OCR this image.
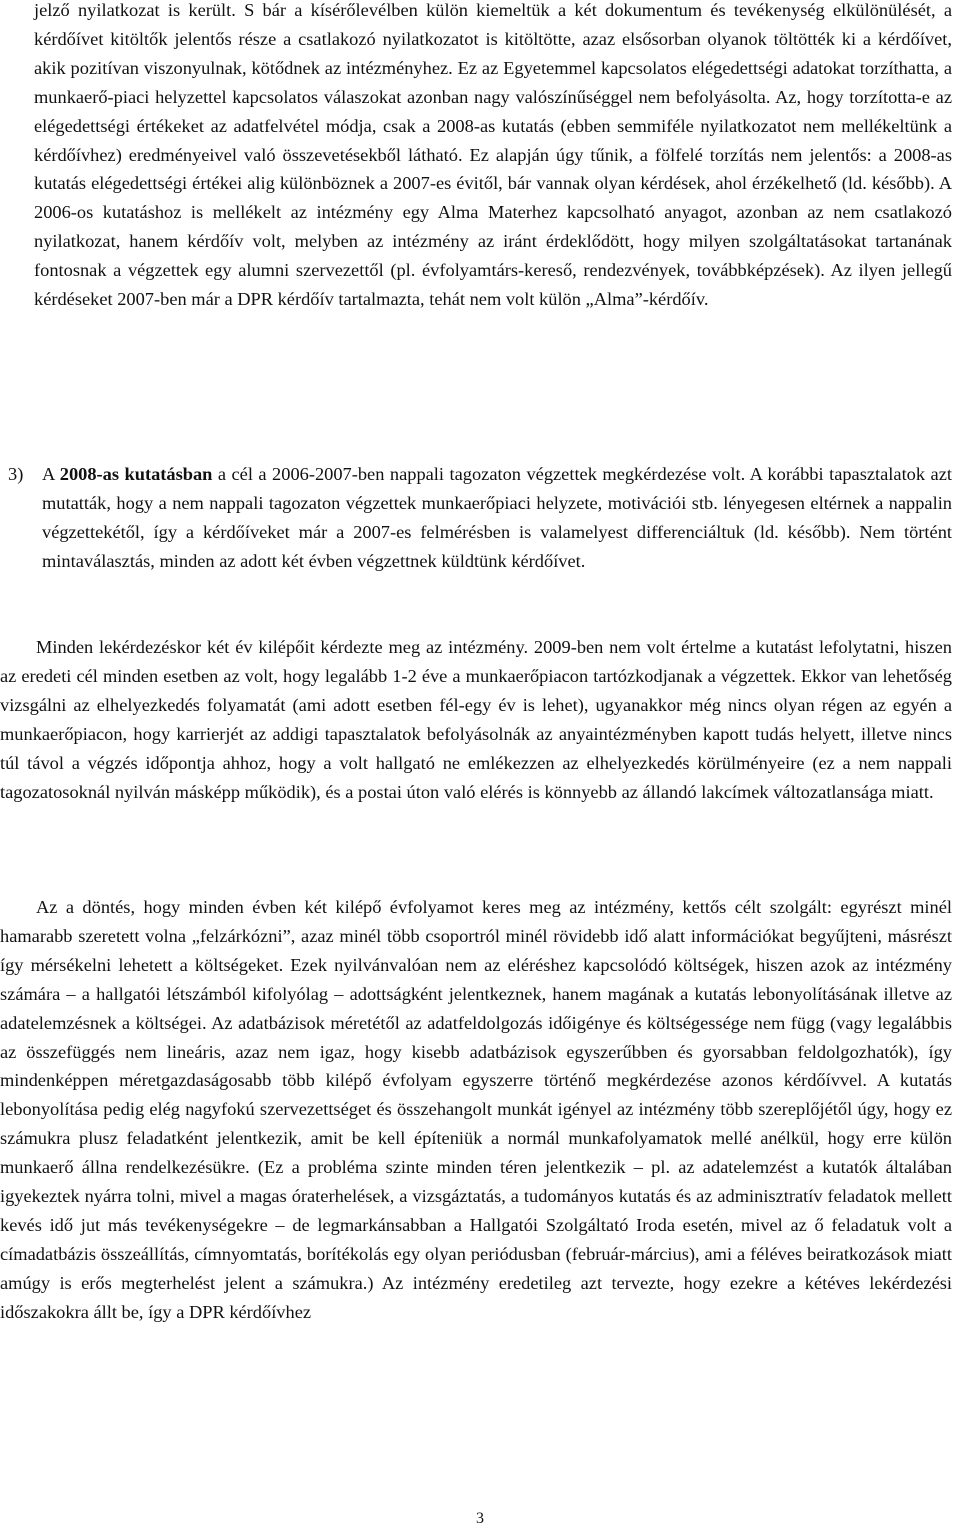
jelző nyilatkozat is került. S bár a kísérőlevélben külön kiemeltük a két dokumentum és tevékenység elkülönülését, a kérdőívet kitöltők jelentős része a csatlakozó nyilatkozatot is kitöltötte, azaz elsősorban olyanok töltötték ki a kérdőívet, akik pozitívan viszonyulnak, kötődnek az intézményhez. Ez az Egyetemmel kapcsolatos elégedettségi adatokat torzíthatta, a munkaerő-piaci helyzettel kapcsolatos válaszokat azonban nagy valószínűséggel nem befolyásolta. Az, hogy torzította-e az elégedettségi értékeket az adatfelvétel módja, csak a 2008-as kutatás (ebben semmiféle nyilatkozatot nem mellékeltünk a kérdőívhez) eredményeivel való összevetésekből látható. Ez alapján úgy tűnik, a fölfelé torzítás nem jelentős: a 2008-as kutatás elégedettségi értékei alig különböznek a 2007-es évitől, bár vannak olyan kérdések, ahol érzékelhető (ld. később). A 2006-os kutatáshoz is mellékelt az intézmény egy Alma Materhez kapcsolható anyagot, azonban az nem csatlakozó nyilatkozat, hanem kérdőív volt, melyben az intézmény az iránt érdeklődött, hogy milyen szolgáltatásokat tartanának fontosnak a végzettek egy alumni szervezettől (pl. évfolyamtárs-kereső, rendezvények, továbbképzések). Az ilyen jellegű kérdéseket 2007-ben már a DPR kérdőív tartalmazta, tehát nem volt külön „Alma”-kérdőív.

3) A 2008-as kutatásban a cél a 2006-2007-ben nappali tagozaton végzettek megkérdezése volt. A korábbi tapasztalatok azt mutatták, hogy a nem nappali tagozaton végzettek munkaerőpiaci helyzete, motivációi stb. lényegesen eltérnek a nappalin végzettekétől, így a kérdőíveket már a 2007-es felmérésben is valamelyest differenciáltuk (ld. később). Nem történt mintaválasztás, minden az adott két évben végzettnek küldtünk kérdőívet.

Minden lekérdezéskor két év kilépőit kérdezte meg az intézmény. 2009-ben nem volt értelme a kutatást lefolytatni, hiszen az eredeti cél minden esetben az volt, hogy legalább 1-2 éve a munkaerőpiacon tartózkodjanak a végzettek. Ekkor van lehetőség vizsgálni az elhelyezkedés folyamatát (ami adott esetben fél-egy év is lehet), ugyanakkor még nincs olyan régen az egyén a munkaerőpiacon, hogy karrierjét az addigi tapasztalatok befolyásolnák az anyaintézményben kapott tudás helyett, illetve nincs túl távol a végzés időpontja ahhoz, hogy a volt hallgató ne emlékezzen az elhelyezkedés körülményeire (ez a nem nappali tagozatosoknál nyilván másképp működik), és a postai úton való elérés is könnyebb az állandó lakcímek változatlansága miatt.

Az a döntés, hogy minden évben két kilépő évfolyamot keres meg az intézmény, kettős célt szolgált: egyrészt minél hamarabb szeretett volna „felzárkózni”, azaz minél több csoportról minél rövidebb idő alatt információkat begyűjteni, másrészt így mérsékelni lehetett a költségeket. Ezek nyilvánvalóan nem az eléréshez kapcsolódó költségek, hiszen azok az intézmény számára – a hallgatói létszámból kifolyólag – adottságként jelentkeznek, hanem magának a kutatás lebonyolításának illetve az adatelemzésnek a költségei. Az adatbázisok méretétől az adatfeldolgozás időigénye és költségessége nem függ (vagy legalábbis az összefüggés nem lineáris, azaz nem igaz, hogy kisebb adatbázisok egyszerűbben és gyorsabban feldolgozhatók), így mindenképpen méretgazdaságosabb több kilépő évfolyam egyszerre történő megkérdezése azonos kérdőívvel. A kutatás lebonyolítása pedig elég nagyfokú szervezettséget és összehangolt munkát igényel az intézmény több szereplőjétől úgy, hogy ez számukra plusz feladatként jelentkezik, amit be kell építeniük a normál munkafolyamatok mellé anélkül, hogy erre külön munkaerő állna rendelkezésükre. (Ez a probléma szinte minden téren jelentkezik – pl. az adatelemzést a kutatók általában igyekeztek nyárra tolni, mivel a magas óraterhelések, a vizsgáztatás, a tudományos kutatás és az adminisztratív feladatok mellett kevés idő jut más tevékenységekre – de legmarkánsabban a Hallgatói Szolgáltató Iroda esetén, mivel az ő feladatuk volt a címadatbázis összeállítás, címnyomtatás, borítékolás egy olyan periódusban (február-március), ami a féléves beiratkozások miatt amúgy is erős megterhelést jelent a számukra.) Az intézmény eredetileg azt tervezte, hogy ezekre a kétéves lekérdezési időszakokra állt be, így a DPR kérdőívhez

3
